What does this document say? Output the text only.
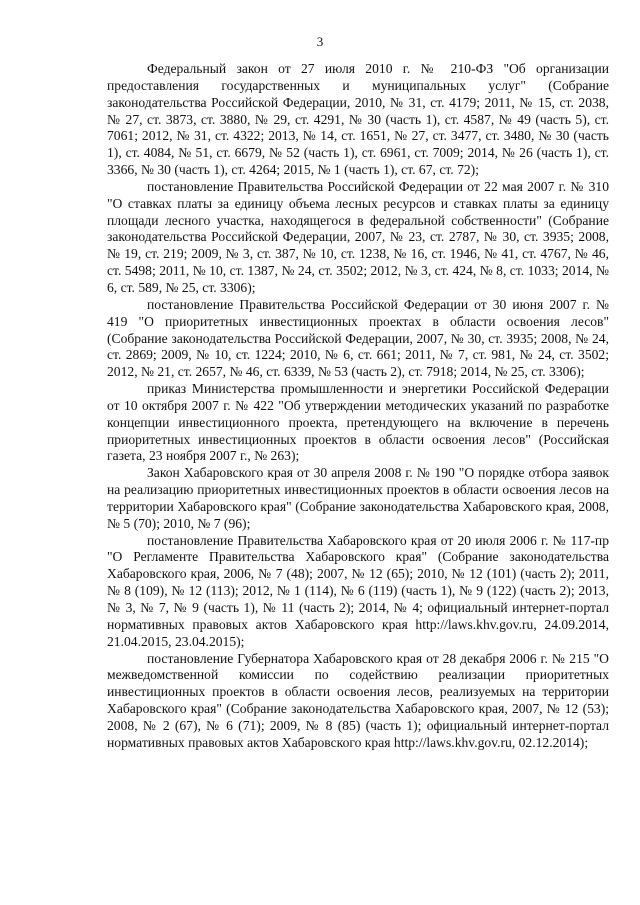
3

Федеральный закон от 27 июля 2010 г. № 210-ФЗ "Об организации предоставления государственных и муниципальных услуг" (Собрание законодательства Российской Федерации, 2010, № 31, ст. 4179; 2011, № 15, ст. 2038, № 27, ст. 3873, ст. 3880, № 29, ст. 4291, № 30 (часть 1), ст. 4587, № 49 (часть 5), ст. 7061; 2012, № 31, ст. 4322; 2013, № 14, ст. 1651, № 27, ст. 3477, ст. 3480, № 30 (часть 1), ст. 4084, № 51, ст. 6679, № 52 (часть 1), ст. 6961, ст. 7009; 2014, № 26 (часть 1), ст. 3366, № 30 (часть 1), ст. 4264; 2015, № 1 (часть 1), ст. 67, ст. 72);

постановление Правительства Российской Федерации от 22 мая 2007 г. № 310 "О ставках платы за единицу объема лесных ресурсов и ставках платы за единицу площади лесного участка, находящегося в федеральной собственности" (Собрание законодательства Российской Федерации, 2007, № 23, ст. 2787, № 30, ст. 3935; 2008, № 19, ст. 219; 2009, № 3, ст. 387, № 10, ст. 1238, № 16, ст. 1946, № 41, ст. 4767, № 46, ст. 5498; 2011, № 10, ст. 1387, № 24, ст. 3502; 2012, № 3, ст. 424, № 8, ст. 1033; 2014, № 6, ст. 589, № 25, ст. 3306);

постановление Правительства Российской Федерации от 30 июня 2007 г. № 419 "О приоритетных инвестиционных проектах в области освоения лесов" (Собрание законодательства Российской Федерации, 2007, № 30, ст. 3935; 2008, № 24, ст. 2869; 2009, № 10, ст. 1224; 2010, № 6, ст. 661; 2011, № 7, ст. 981, № 24, ст. 3502; 2012, № 21, ст. 2657, № 46, ст. 6339, № 53 (часть 2), ст. 7918; 2014, № 25, ст. 3306);

приказ Министерства промышленности и энергетики Российской Федерации от 10 октября 2007 г. № 422 "Об утверждении методических указаний по разработке концепции инвестиционного проекта, претендующего на включение в перечень приоритетных инвестиционных проектов в области освоения лесов" (Российская газета, 23 ноября 2007 г., № 263);

Закон Хабаровского края от 30 апреля 2008 г. № 190 "О порядке отбора заявок на реализацию приоритетных инвестиционных проектов в области освоения лесов на территории Хабаровского края" (Собрание законодательства Хабаровского края, 2008, № 5 (70); 2010, № 7 (96);

постановление Правительства Хабаровского края от 20 июля 2006 г. № 117-пр "О Регламенте Правительства Хабаровского края" (Собрание законодательства Хабаровского края, 2006, № 7 (48); 2007, № 12 (65); 2010, № 12 (101) (часть 2); 2011, № 8 (109), № 12 (113); 2012, № 1 (114), № 6 (119) (часть 1), № 9 (122) (часть 2); 2013, № 3, № 7, № 9 (часть 1), № 11 (часть 2); 2014, № 4; официальный интернет-портал нормативных правовых актов Хабаровского края http://laws.khv.gov.ru, 24.09.2014, 21.04.2015, 23.04.2015);

постановление Губернатора Хабаровского края от 28 декабря 2006 г. № 215 "О межведомственной комиссии по содействию реализации приоритетных инвестиционных проектов в области освоения лесов, реализуемых на территории Хабаровского края" (Собрание законодательства Хабаровского края, 2007, № 12 (53); 2008, № 2 (67), № 6 (71); 2009, № 8 (85) (часть 1); официальный интернет-портал нормативных правовых актов Хабаровского края http://laws.khv.gov.ru, 02.12.2014);
